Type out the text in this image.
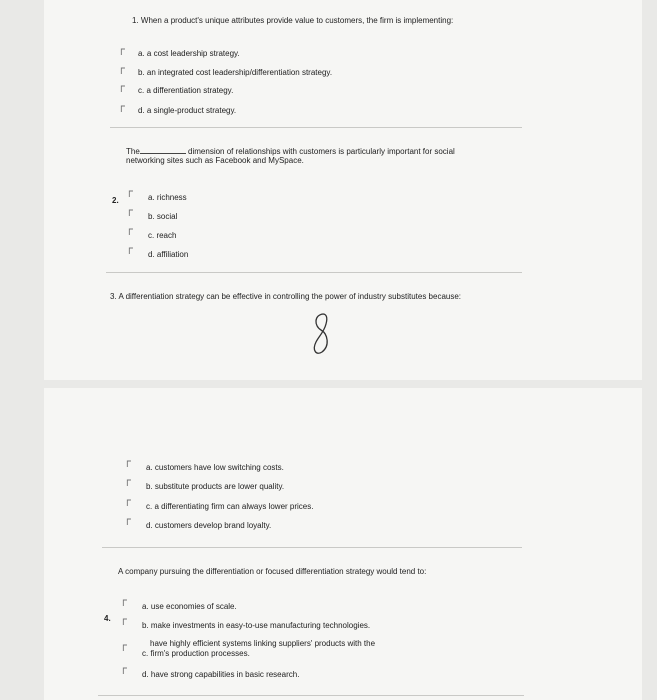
1. When a product's unique attributes provide value to customers, the firm is implementing:
ᒥ a. a cost leadership strategy.
ᒥ b. an integrated cost leadership/differentiation strategy.
ᒥ c. a differentiation strategy.
ᒥ d. a single-product strategy.
The	dimension of relationships with customers is particularly important for social
networking sites such as Facebook and MySpace.
2.
ᒥ a. richness
ᒥ b. social
ᒥ c. reach
ᒥ d. affiliation
3. A differentiation strategy can be effective in controlling the power of industry substitutes because:
ᒥ a. customers have low switching costs.
ᒥ b. substitute products are lower quality.
ᒥ c. a differentiating firm can always lower prices.
ᒥ d. customers develop brand loyalty.
A company pursuing the differentiation or focused differentiation strategy would tend to:
4.
ᒥ a. use economies of scale.
ᒥ b. make investments in easy-to-use manufacturing technologies.
have highly efficient systems linking suppliers' products with the
ᒥ
c. firm's production processes.
ᒥ d. have strong capabilities in basic research.
